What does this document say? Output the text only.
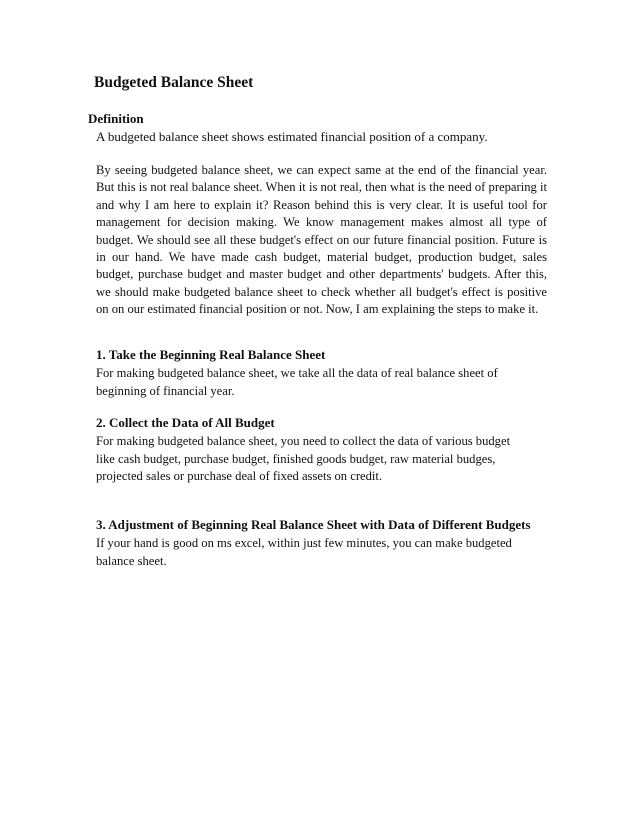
Budgeted Balance Sheet
Definition

A budgeted balance sheet shows estimated financial position of a company.

By seeing budgeted balance sheet, we can expect same at the end of the financial year. But this is not real balance sheet. When it is not real, then what is the need of preparing it and why I am here to explain it? Reason behind this is very clear. It is useful tool for management for decision making. We know management makes almost all type of budget. We should see all these budget's effect on our future financial position. Future is in our hand. We have made cash budget, material budget, production budget, sales budget, purchase budget and master budget and other departments' budgets. After this, we should make budgeted balance sheet to check whether all budget's effect is positive on on our estimated financial position or not. Now, I am explaining the steps to make it.

1. Take the Beginning Real Balance Sheet

For making budgeted balance sheet, we take all the data of real balance sheet of beginning of financial year.

2. Collect the Data of All Budget

For making budgeted balance sheet, you need to collect the data of various budget like cash budget, purchase budget, finished goods budget, raw material budges, projected sales or purchase deal of fixed assets on credit.

3. Adjustment of Beginning Real Balance Sheet with Data of Different Budgets

If your hand is good on ms excel, within just few minutes, you can make budgeted balance sheet.
